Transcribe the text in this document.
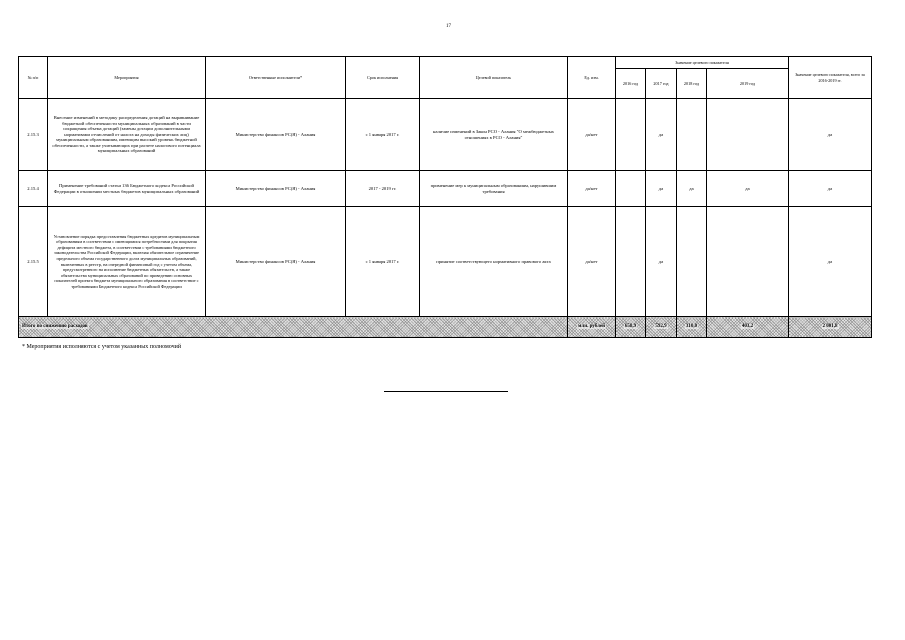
17
№ п/п	Мероприятия	Ответственные исполнители*	Срок исполнения	Целевой показатель	Ед. изм.	Значение целевого показателя				Значение целевого показателя, всего за 2016-2019 гг.
						2016 год	2017 год	2018 год	2019 год	
2.15.3	Внесение изменений в методику распределения дотаций на выравнивание бюджетной обеспеченности муниципальных образований в части сокращения объема дотаций (замены дотации дополнительными нормативами отчислений от налога на доходы физических лиц) муниципальным образованиям, имеющим высокий уровень бюджетной обеспеченности, а также учитывающих при расчете налогового потенциала муниципальных образований	Министерство финансов РС(Я) - Алания	с 1 января 2017 г.	наличие изменений в Закон РСО - Алания "О межбюджетных отношениях в РСО - Алания"	да/нет		да			да
2.15.4	Применение требований статьи 136 Бюджетного кодекса Российской Федерации в отношении местных бюджетов муниципальных образований	Министерство финансов РС(Я) - Алания	2017 - 2019 гг.	применение мер к муниципальным образованиям, нарушившим требования	да/нет		да	да	да	да
2.15.5	Установление порядка предоставления бюджетных кредитов муниципальным образованиям в соответствии с имеющимися потребностями для покрытия дефицита местного бюджета, в соответствии с требованиями бюджетного законодательства Российской Федерации, включая обязательное ограничение предельного объема государственного долга муниципальных образований, включенных в реестр, на очередной финансовый год с учетом объема, предусмотренного на исполнение бюджетных обязательств, а также обязательства муниципальных образований по приведению основных показателей проекта бюджета муниципального образования в соответствие с требованиями Бюджетного кодекса Российской Федерации	Министерство финансов РС(Я) - Алания	с 1 января 2017 г.	принятие соответствующего нормативного правового акта	да/нет		да			да
Итого по снижению расходов					млн. рублей	658,9	592,9	310,0	403,2	2 001,8
* Мероприятия исполняются с учетом указанных полномочий
